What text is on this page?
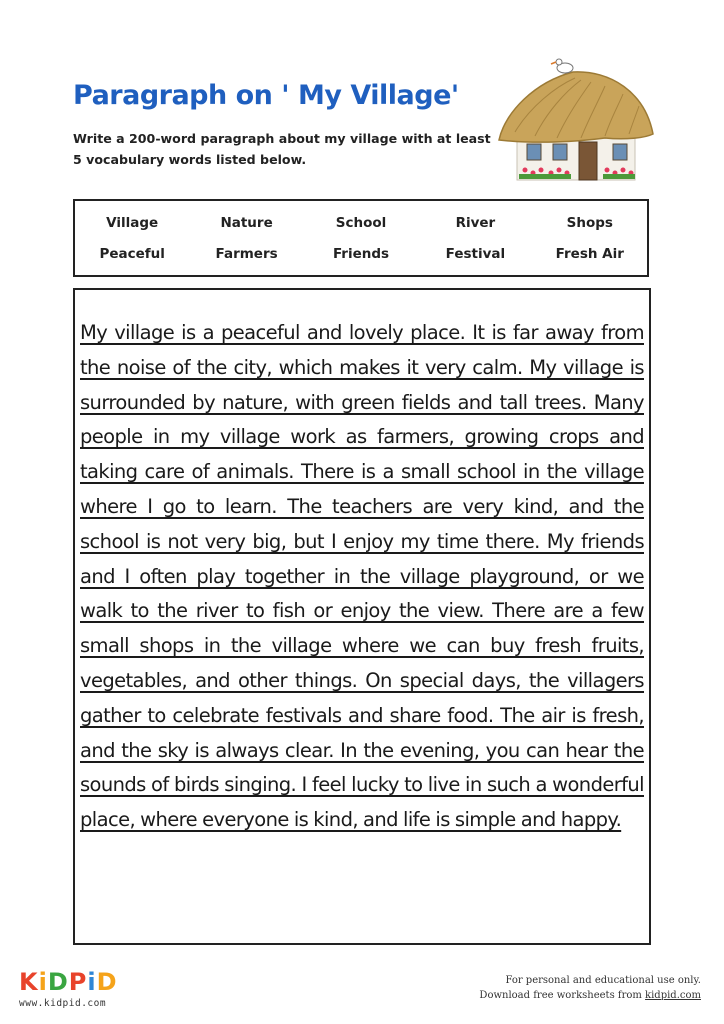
Paragraph on ' My Village'

Write a 200-word paragraph about my village with at least 5 vocabulary words listed below.

Village	Nature	School	River	Shops
Peaceful	Farmers	Friends	Festival	Fresh Air

My village is a peaceful and lovely place. It is far away from the noise of the city, which makes it very calm. My village is surrounded by nature, with green fields and tall trees. Many people in my village work as farmers, growing crops and taking care of animals. There is a small school in the village where I go to learn. The teachers are very kind, and the school is not very big, but I enjoy my time there. My friends and I often play together in the village playground, or we walk to the river to fish or enjoy the view. There are a few small shops in the village where we can buy fresh fruits, vegetables, and other things. On special days, the villagers gather to celebrate festivals and share food. The air is fresh, and the sky is always clear. In the evening, you can hear the sounds of birds singing. I feel lucky to live in such a wonderful place, where everyone is kind, and life is simple and happy.

KiDPiD
www.kidpid.com
For personal and educational use only.
Download free worksheets from kidpid.com
